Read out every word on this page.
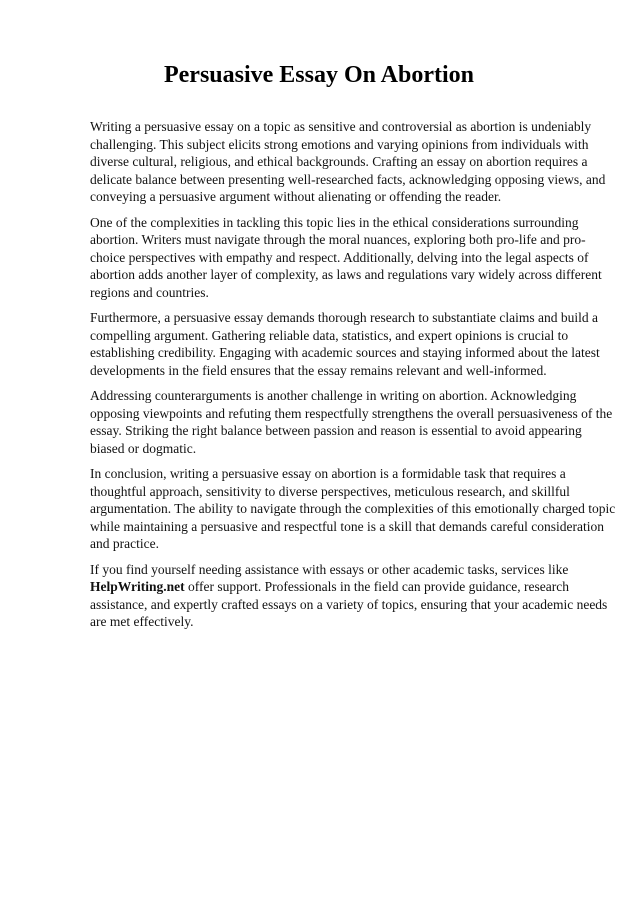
Persuasive Essay On Abortion

Writing a persuasive essay on a topic as sensitive and controversial as abortion is undeniably
challenging. This subject elicits strong emotions and varying opinions from individuals with
diverse cultural, religious, and ethical backgrounds. Crafting an essay on abortion requires a
delicate balance between presenting well-researched facts, acknowledging opposing views, and
conveying a persuasive argument without alienating or offending the reader.

One of the complexities in tackling this topic lies in the ethical considerations surrounding
abortion. Writers must navigate through the moral nuances, exploring both pro-life and pro-
choice perspectives with empathy and respect. Additionally, delving into the legal aspects of
abortion adds another layer of complexity, as laws and regulations vary widely across different
regions and countries.

Furthermore, a persuasive essay demands thorough research to substantiate claims and build a
compelling argument. Gathering reliable data, statistics, and expert opinions is crucial to
establishing credibility. Engaging with academic sources and staying informed about the latest
developments in the field ensures that the essay remains relevant and well-informed.

Addressing counterarguments is another challenge in writing on abortion. Acknowledging
opposing viewpoints and refuting them respectfully strengthens the overall persuasiveness of the
essay. Striking the right balance between passion and reason is essential to avoid appearing
biased or dogmatic.

In conclusion, writing a persuasive essay on abortion is a formidable task that requires a
thoughtful approach, sensitivity to diverse perspectives, meticulous research, and skillful
argumentation. The ability to navigate through the complexities of this emotionally charged topic
while maintaining a persuasive and respectful tone is a skill that demands careful consideration
and practice.

If you find yourself needing assistance with essays or other academic tasks, services like
HelpWriting.net offer support. Professionals in the field can provide guidance, research
assistance, and expertly crafted essays on a variety of topics, ensuring that your academic needs
are met effectively.
